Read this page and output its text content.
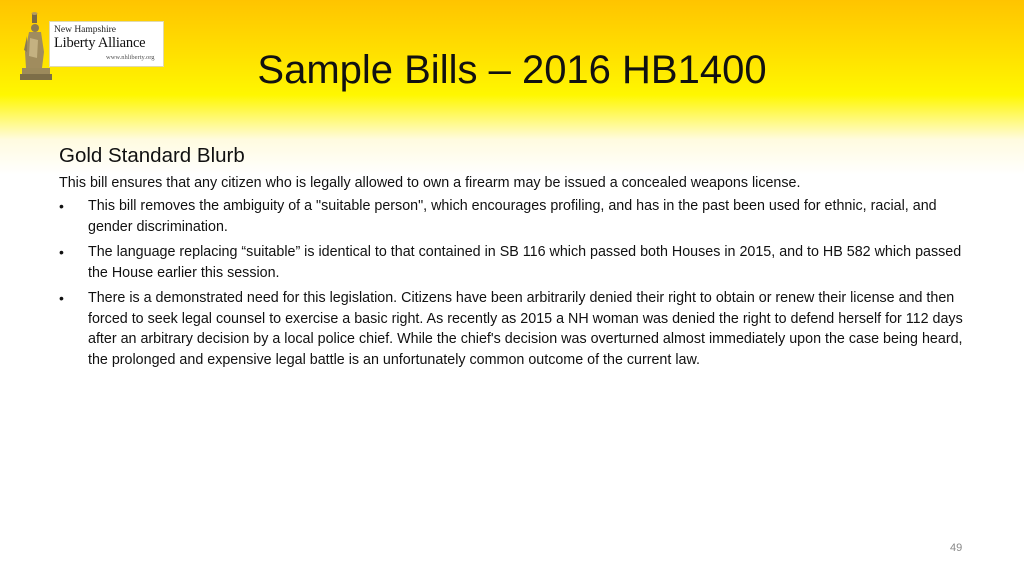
New Hampshire
Liberty Alliance
www.nhliberty.org	Sample Bills – 2016 HB1400
Gold Standard Blurb
This bill ensures that any citizen who is legally allowed to own a firearm may be issued a concealed weapons license.
• This bill removes the ambiguity of a "suitable person", which encourages profiling, and has in the past been used for ethnic, racial, and gender discrimination.
• The language replacing “suitable” is identical to that contained in SB 116 which passed both Houses in 2015, and to HB 582 which passed the House earlier this session.
• There is a demonstrated need for this legislation. Citizens have been arbitrarily denied their right to obtain or renew their license and then forced to seek legal counsel to exercise a basic right. As recently as 2015 a NH woman was denied the right to defend herself for 112 days after an arbitrary decision by a local police chief. While the chief's decision was overturned almost immediately upon the case being heard, the prolonged and expensive legal battle is an unfortunately common outcome of the current law.
49
